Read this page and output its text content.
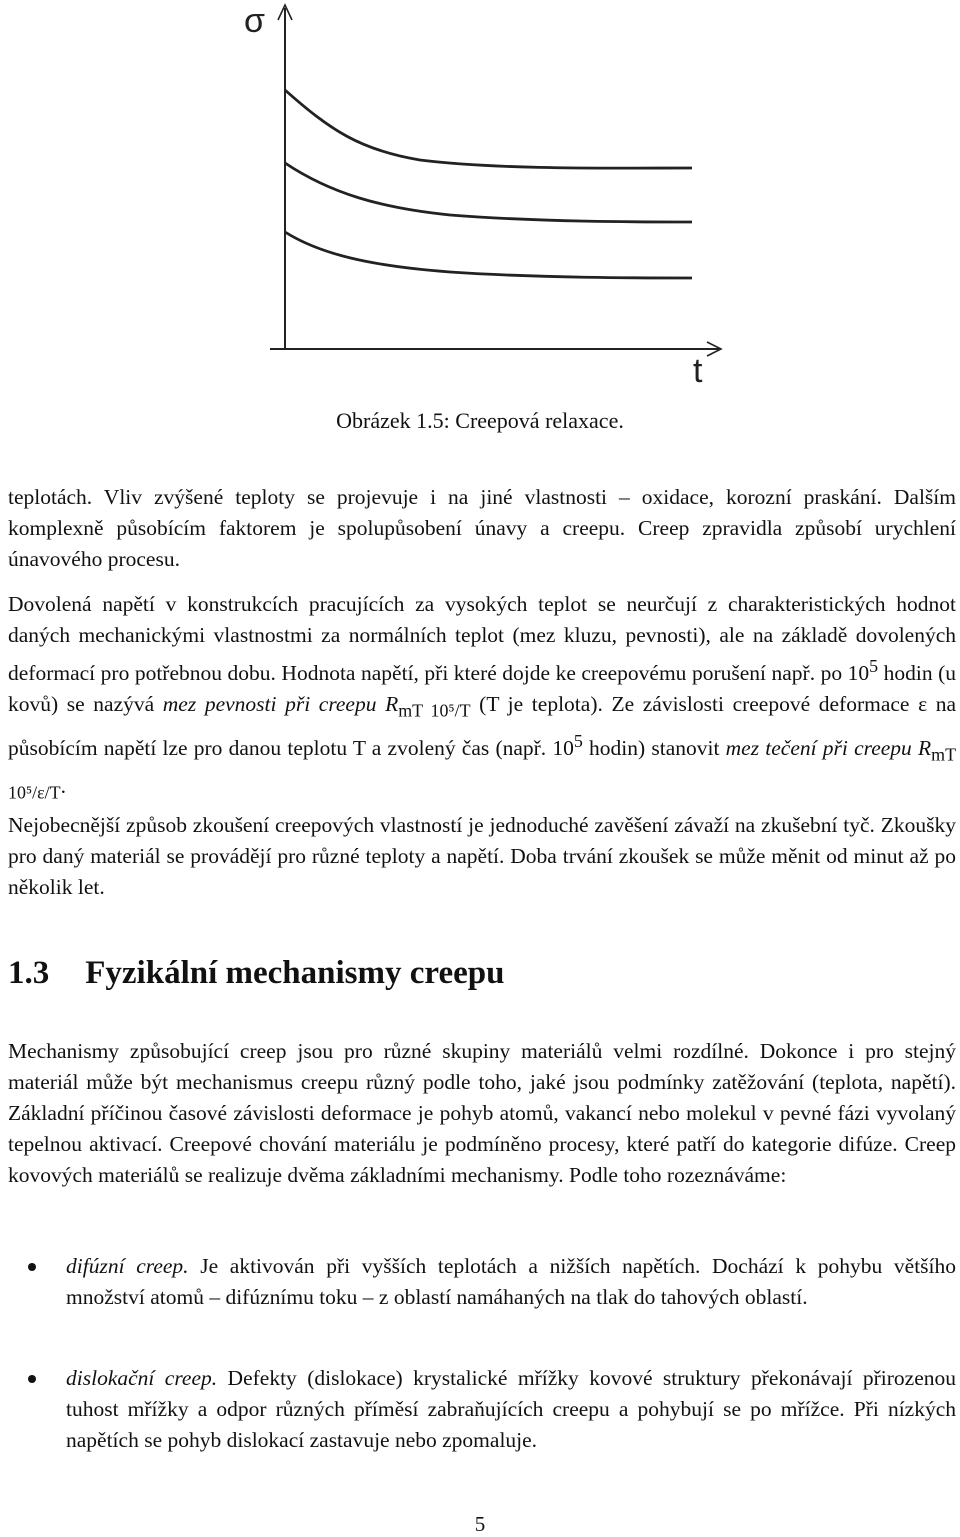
σ
t
Obrázek 1.5: Creepová relaxace.

teplotách. Vliv zvýšené teploty se projevuje i na jiné vlastnosti – oxidace, korozní praskání. Dalším komplexně působícím faktorem je spolupůsobení únavy a creepu. Creep zpravidla způsobí urychlení únavového procesu.

Dovolená napětí v konstrukcích pracujících za vysokých teplot se neurčují z charakteristických hodnot daných mechanickými vlastnostmi za normálních teplot (mez kluzu, pevnosti), ale na základě dovolených deformací pro potřebnou dobu. Hodnota napětí, při které dojde ke creepovému porušení např. po $10^5$ hodin (u kovů) se nazývá mez pevnosti při creepu $R_{mT 10^5/T}$ (T je teplota). Ze závislosti creepové deformace ε na působícím napětí lze pro danou teplotu T a zvolený čas (např. $10^5$ hodin) stanovit mez tečení při creepu $R_{mT 10^5/\varepsilon/T}$.

Nejobecnější způsob zkoušení creepových vlastností je jednoduché zavěšení závaží na zkušební tyč. Zkoušky pro daný materiál se provádějí pro různé teploty a napětí. Doba trvání zkoušek se může měnit od minut až po několik let.

1.3 Fyzikální mechanismy creepu

Mechanismy způsobující creep jsou pro různé skupiny materiálů velmi rozdílné. Dokonce i pro stejný materiál může být mechanismus creepu různý podle toho, jaké jsou podmínky zatěžování (teplota, napětí). Základní příčinou časové závislosti deformace je pohyb atomů, vakancí nebo molekul v pevné fázi vyvolaný tepelnou aktivací. Creepové chování materiálu je podmíněno procesy, které patří do kategorie difúze. Creep kovových materiálů se realizuje dvěma základními mechanismy. Podle toho rozeznáváme:

difúzní creep. Je aktivován při vyšších teplotách a nižších napětích. Dochází k pohybu většího množství atomů – difúznímu toku – z oblastí namáhaných na tlak do tahových oblastí.
dislokační creep. Defekty (dislokace) krystalické mřížky kovové struktury překonávají přirozenou tuhost mřížky a odpor různých příměsí zabraňujících creepu a pohybují se po mřížce. Při nízkých napětích se pohyb dislokací zastavuje nebo zpomaluje.
5
